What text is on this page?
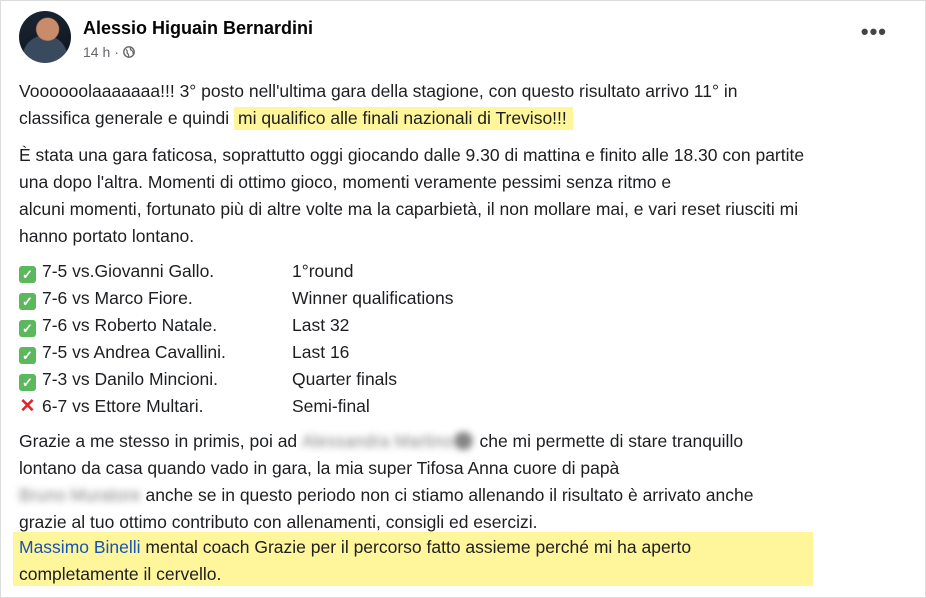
Alessio Higuain Bernardini
14 h ·
•••
Voooooolaaaaaaa!!! 3° posto nell'ultima gara della stagione, con questo risultato arrivo 11° in
classifica generale e quindi mi qualifico alle finali nazionali di Treviso!!!
È stata una gara faticosa, soprattutto oggi giocando dalle 9.30 di mattina e finito alle 18.30 con partite
una dopo l'altra. Momenti di ottimo gioco, momenti veramente pessimi senza ritmo e
alcuni momenti, fortunato più di altre volte ma la caparbietà, il non mollare mai, e vari reset riusciti mi
hanno portato lontano.
✓ 7-5 vs.Giovanni Gallo.	1°round
✓ 7-6 vs Marco Fiore.	Winner qualifications
✓ 7-6 vs Roberto Natale.	Last 32
✓ 7-5 vs Andrea Cavallini.	Last 16
✓ 7-3 vs Danilo Mincioni.	Quarter finals
✕ 6-7 vs Ettore Multari.	Semi-final
Grazie a me stesso in primis, poi ad Alessandra Martino😊 che mi permette di stare tranquillo
lontano da casa quando vado in gara, la mia super Tifosa Anna cuore di papà
Bruno Muratore anche se in questo periodo non ci stiamo allenando il risultato è arrivato anche
grazie al tuo ottimo contributo con allenamenti, consigli ed esercizi.
Massimo Binelli mental coach Grazie per il percorso fatto assieme perché mi ha aperto
completamente il cervello.
